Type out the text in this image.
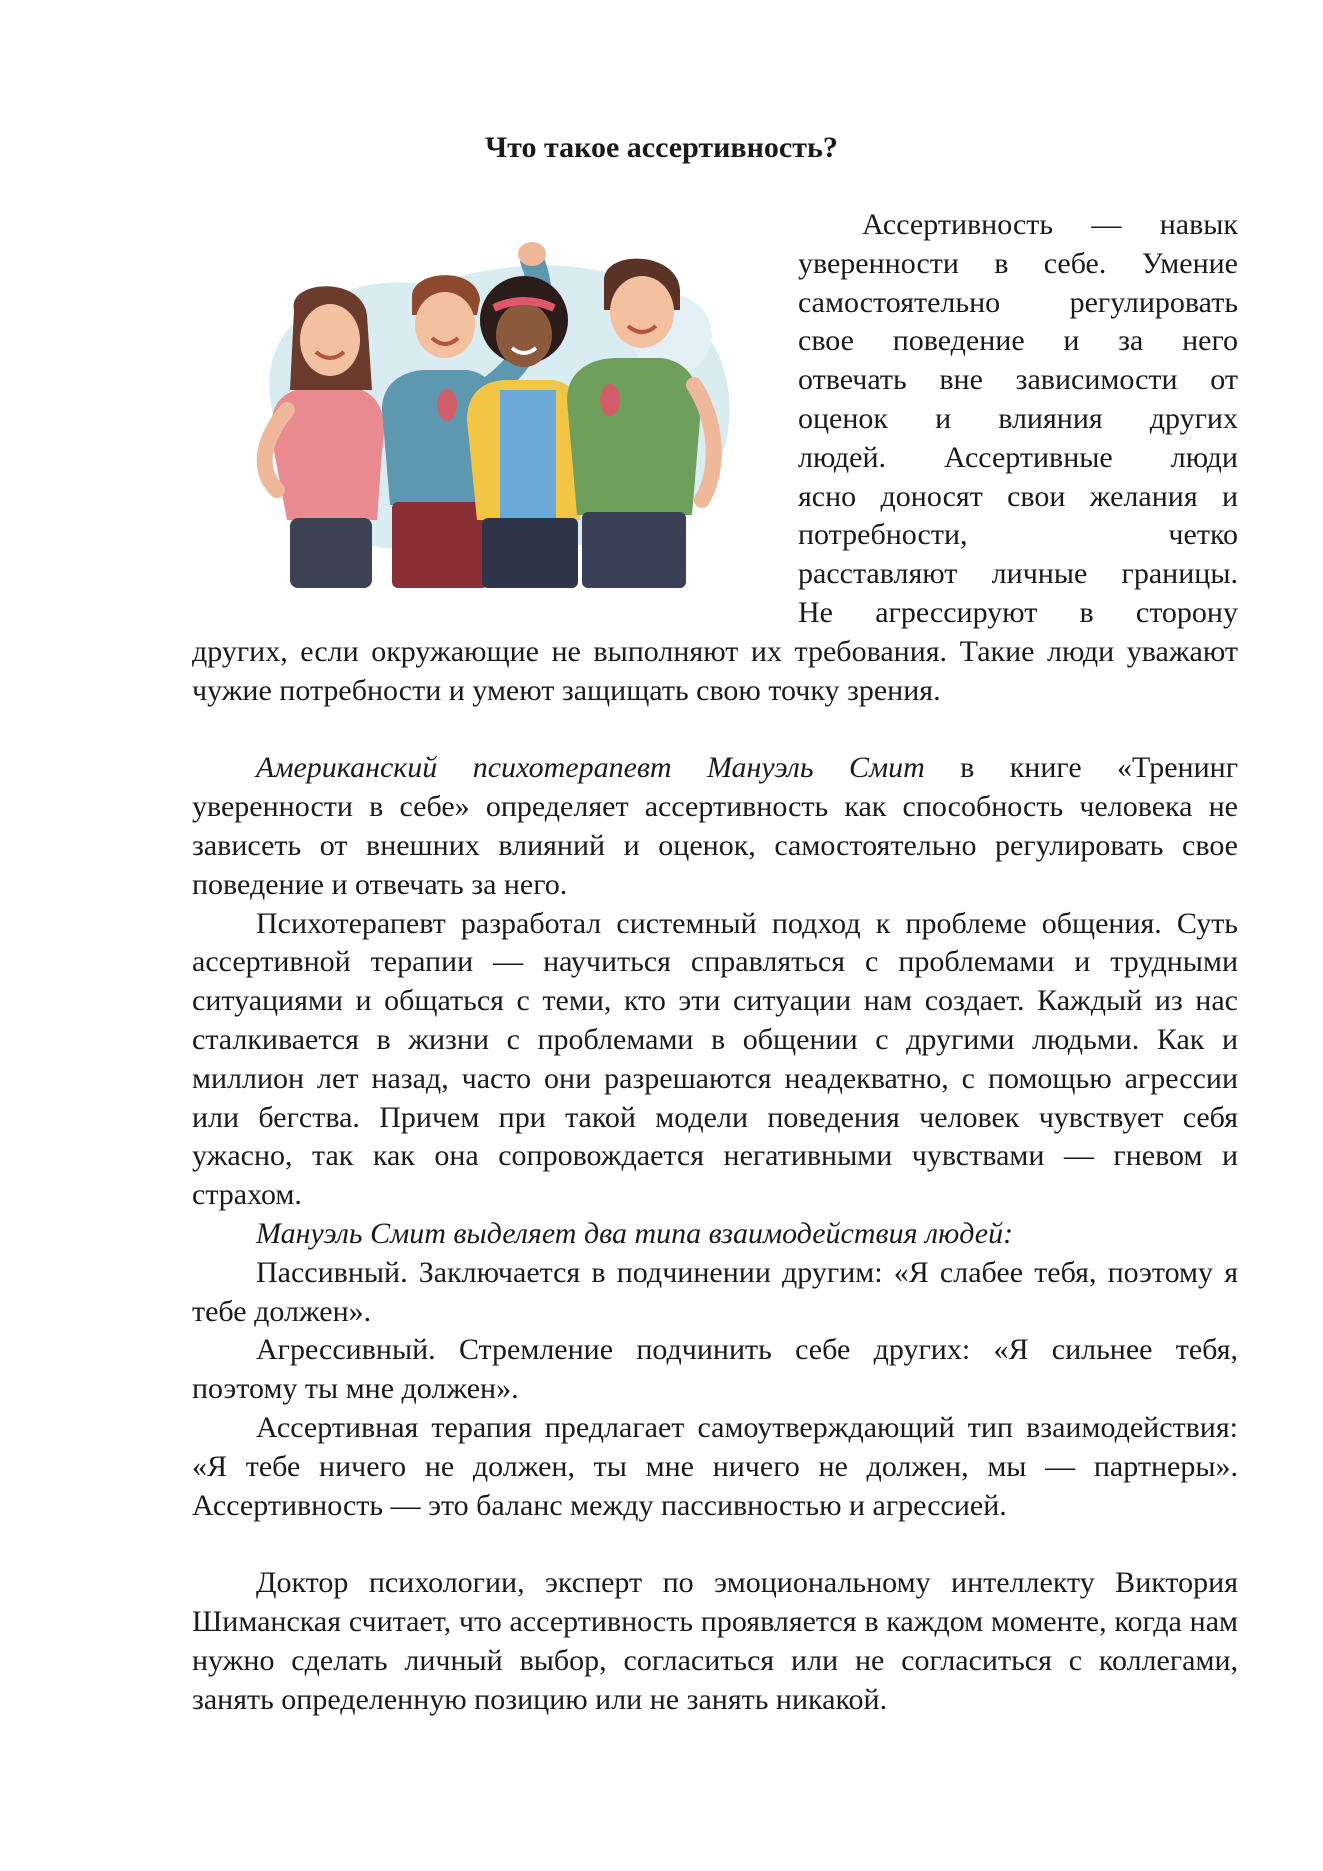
Что такое ассертивность?

Ассертивность — навык

уверенности в себе. Умение

самостоятельно регулировать

свое поведение и за него

отвечать вне зависимости от

оценок и влияния других

людей. Ассертивные люди

ясно доносят свои желания и

потребности, четко

расставляют личные границы.

Не агрессируют в сторону

других, если окружающие не выполняют их требования. Такие люди уважают чужие потребности и умеют защищать свою точку зрения.

Американский психотерапевт Мануэль Смит в книге «Тренинг уверенности в себе» определяет ассертивность как способность человека не зависеть от внешних влияний и оценок, самостоятельно регулировать свое поведение и отвечать за него.

Психотерапевт разработал системный подход к проблеме общения. Суть ассертивной терапии — научиться справляться с проблемами и трудными ситуациями и общаться с теми, кто эти ситуации нам создает. Каждый из нас сталкивается в жизни с проблемами в общении с другими людьми. Как и миллион лет назад, часто они разрешаются неадекватно, с помощью агрессии или бегства. Причем при такой модели поведения человек чувствует себя ужасно, так как она сопровождается негативными чувствами — гневом и страхом.

Мануэль Смит выделяет два типа взаимодействия людей:

Пассивный. Заключается в подчинении другим: «Я слабее тебя, поэтому я тебе должен».

Агрессивный. Стремление подчинить себе других: «Я сильнее тебя, поэтому ты мне должен».

Ассертивная терапия предлагает самоутверждающий тип взаимодействия: «Я тебе ничего не должен, ты мне ничего не должен, мы — партнеры». Ассертивность — это баланс между пассивностью и агрессией.

Доктор психологии, эксперт по эмоциональному интеллекту Виктория Шиманская считает, что ассертивность проявляется в каждом моменте, когда нам нужно сделать личный выбор, согласиться или не согласиться с коллегами, занять определенную позицию или не занять никакой.
